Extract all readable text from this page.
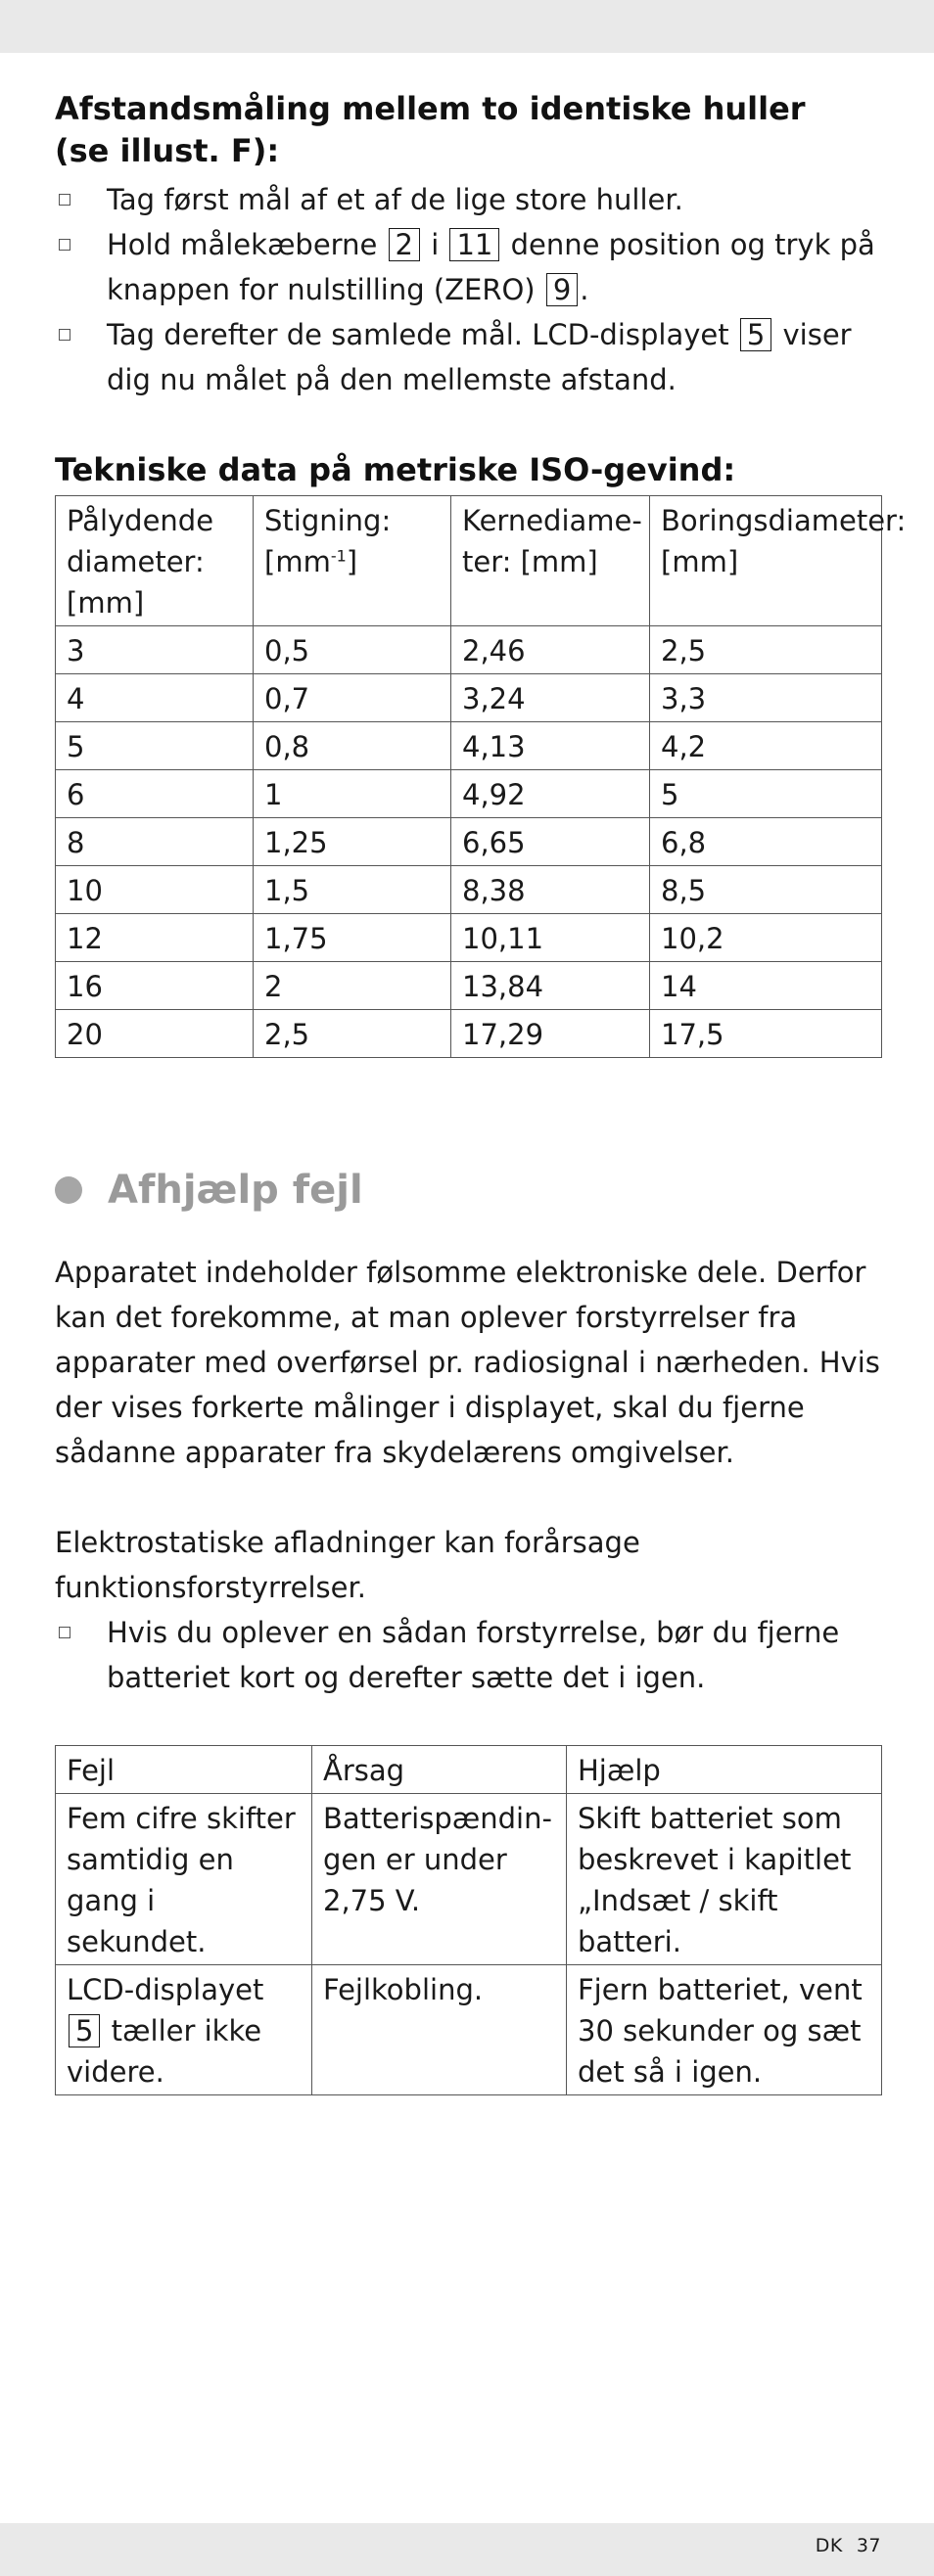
Afstandsmåling mellem to identiske huller
(se illust. F):
Tag først mål af et af de lige store huller.
Hold målekæberne 2 i 11 denne position og tryk på knappen for nulstilling (ZERO) 9 .
Tag derefter de samlede mål. LCD-displayet 5 viser dig nu målet på den mellemste afstand.
Tekniske data på metriske ISO-gevind:
Pålydende diameter: [mm]	Stigning: $[mm^{-1}]$	Kernediame-ter: [mm]	Boringsdiameter: [mm]
3	0,5	2,46	2,5
4	0,7	3,24	3,3
5	0,8	4,13	4,2
6	1	4,92	5
8	1,25	6,65	6,8
10	1,5	8,38	8,5
12	1,75	10,11	10,2
16	2	13,84	14
20	2,5	17,29	17,5
Afhjælp fejl

Apparatet indeholder følsomme elektroniske dele. Derfor kan det forekomme, at man oplever forstyrrelser fra apparater med overførsel pr. radiosignal i nærheden. Hvis der vises forkerte målinger i displayet, skal du fjerne sådanne apparater fra skydelærens omgivelser.

Elektrostatiske afladninger kan forårsage funktionsforstyrrelser.

Hvis du oplever en sådan forstyrrelse, bør du fjerne batteriet kort og derefter sætte det i igen.
Fejl	Årsag	Hjælp
Fem cifre skifter samtidig en gang i sekundet.	Batterispændin-gen er under 2,75 V.	Skift batteriet som beskrevet i kapitlet „Indsæt / skift batteri.
LCD-displayet 5 tæller ikke videre.	Fejlkobling.	Fjern batteriet, vent 30 sekunder og sæt det så i igen.
DK 37
